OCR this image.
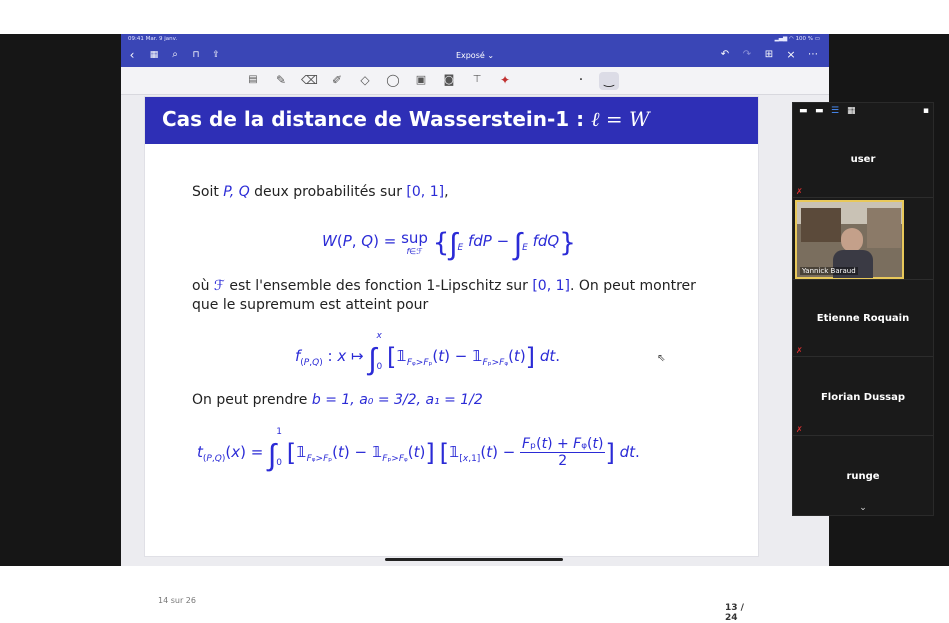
09:41 Mar. 9 janv.	▂▄▆ ◠ 100 % ▭
‹	▦	⌕	⊓	⇪	Exposé ⌄	↶ ↷ ⊞ × ⋯
▤ ✎ ⌫ ✐ ◇ ◯ ▣ ◙	⊤	✦	·	‿
Cas de la distance de Wasserstein-1 : ℓ = W
Soit P, Q deux probabilités sur [0, 1],
W(P, Q) = sup
f∈ℱ {$\int_E$ fdP − $\int_E$ fdQ}
où ℱ est l'ensemble des fonction 1-Lipschitz sur [0, 1]. On peut montrer
que le supremum est atteint pour
$f_{(P,Q)}$ : x ↦ ∫x
0 [$𝟙_{Fᵩ>F_p}(t)$ − $𝟙_{F_p>Fᵩ}(t)$] dt.
On peut prendre b = 1, a₀ = 3/2, a₁ = 1/2
$t_{(P,Q)}(x) = \int 1$
0 [$𝟙_{Fᵩ>F_p}(t)$ − $𝟙_{F_p>Fᵩ}(t)$] [$𝟙_{[x,1]}(t) - \frac{\text{Fₚ(t) + Fᵩ(t)}}{2}$ ] dt.
14 sur 26
13 / 24
⇖
▬ ▬ ☰ ▦	▪
user
✗
Yannick Baraud
Etienne Roquain
✗
Florian Dussap
✗
runge
⌄
